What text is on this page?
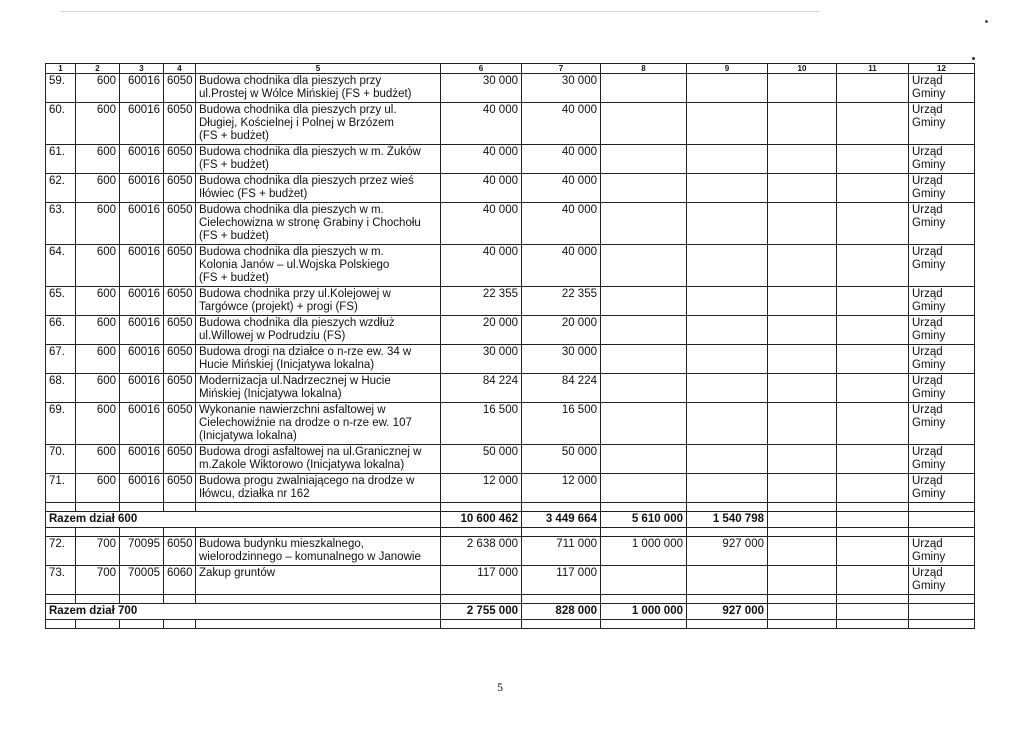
1	2	3	4	5	6	7	8	9	10	11	12
59.	600	60016	6050	Budowa chodnika dla pieszych przy
ul.Prostej w Wólce Mińskiej (FS + budżet)	30 000	30 000					Urząd Gminy
60.	600	60016	6050	Budowa chodnika dla pieszych przy ul.
Długiej, Kościelnej i Polnej w Brzózem
(FS + budżet)	40 000	40 000					Urząd Gminy
61.	600	60016	6050	Budowa chodnika dla pieszych w m. Żuków
(FS + budżet)	40 000	40 000					Urząd Gminy
62.	600	60016	6050	Budowa chodnika dla pieszych przez wieś
Iłówiec (FS + budżet)	40 000	40 000					Urząd Gminy
63.	600	60016	6050	Budowa chodnika dla pieszych w m.
Cielechowizna w stronę Grabiny i Chochołu
(FS + budżet)	40 000	40 000					Urząd Gminy
64.	600	60016	6050	Budowa chodnika dla pieszych w m.
Kolonia Janów – ul.Wojska Polskiego
(FS + budżet)	40 000	40 000					Urząd Gminy
65.	600	60016	6050	Budowa chodnika przy ul.Kolejowej w
Targówce (projekt) + progi (FS)	22 355	22 355					Urząd Gminy
66.	600	60016	6050	Budowa chodnika dla pieszych wzdłuż
ul.Willowej w Podrudziu (FS)	20 000	20 000					Urząd Gminy
67.	600	60016	6050	Budowa drogi na działce o n-rze ew. 34 w
Hucie Mińskiej (Inicjatywa lokalna)	30 000	30 000					Urząd Gminy
68.	600	60016	6050	Modernizacja ul.Nadrzecznej w Hucie
Mińskiej (Inicjatywa lokalna)	84 224	84 224					Urząd Gminy
69.	600	60016	6050	Wykonanie nawierzchni asfaltowej w
Cielechowiźnie na drodze o n-rze ew. 107
(Inicjatywa lokalna)	16 500	16 500					Urząd Gminy
70.	600	60016	6050	Budowa drogi asfaltowej na ul.Granicznej w
m.Zakole Wiktorowo (Inicjatywa lokalna)	50 000	50 000					Urząd Gminy
71.	600	60016	6050	Budowa progu zwalniającego na drodze w
Iłówcu, działka nr 162	12 000	12 000					Urząd Gminy

Razem dział 600					10 600 462	3 449 664	5 610 000	1 540 798			

72.	700	70095	6050	Budowa budynku mieszkalnego,
wielorodzinnego – komunalnego w Janowie	2 638 000	711 000	1 000 000	927 000			Urząd Gminy
73.	700	70005	6060	Zakup gruntów	117 000	117 000					Urząd Gminy

Razem dział 700					2 755 000	828 000	1 000 000	927 000			

5
